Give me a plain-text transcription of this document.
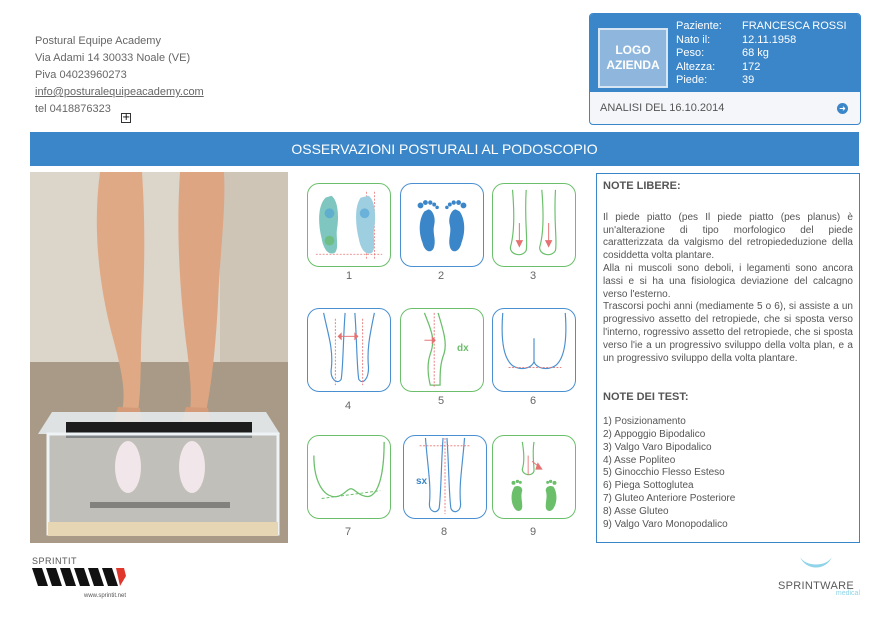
Postural Equipe Academy
Via Adami 14 30033 Noale (VE)
Piva 04023960273
info@posturalequipeacademy.com
tel 0418876323
+
LOGO AZIENDA
Paziente:	FRANCESCA ROSSI
Nato il:	12.11.1958
Peso:	68 kg
Altezza:	172
Piede:	39
ANALISI DEL 16.10.2014	➜
OSSERVAZIONI POSTURALI AL PODOSCOPIO
1	2	3
4
dx
5	6
7
sx
8	9
NOTE LIBERE:

Il piede piatto (pes Il piede piatto (pes planus) è un'alterazione di tipo morfologico del piede caratterizzata da valgismo del retropiededuzione della cosiddetta volta plantare.

Alla ni muscoli sono deboli, i legamenti sono ancora lassi e si ha una fisiologica deviazione del calcagno verso l'esterno.

Trascorsi pochi anni (mediamente 5 o 6), si assiste a un progressivo assetto del retropiede, che si sposta verso l'interno, rogressivo assetto del retropiede, che si sposta verso l'ie a un progressivo sviluppo della volta plan, e a un progressivo sviluppo della volta plantare.

NOTE DEI TEST:
1) Posizionamento
2) Appoggio Bipodalico
3) Valgo Varo Bipodalico
4) Asse Popliteo
5) Ginocchio Flesso Esteso
6) Piega Sottoglutea
7) Gluteo Anteriore Posteriore
8) Asse Gluteo
9) Valgo Varo Monopodalico
SPRINTIT
www.sprintit.net
SPRINTWARE
medical
